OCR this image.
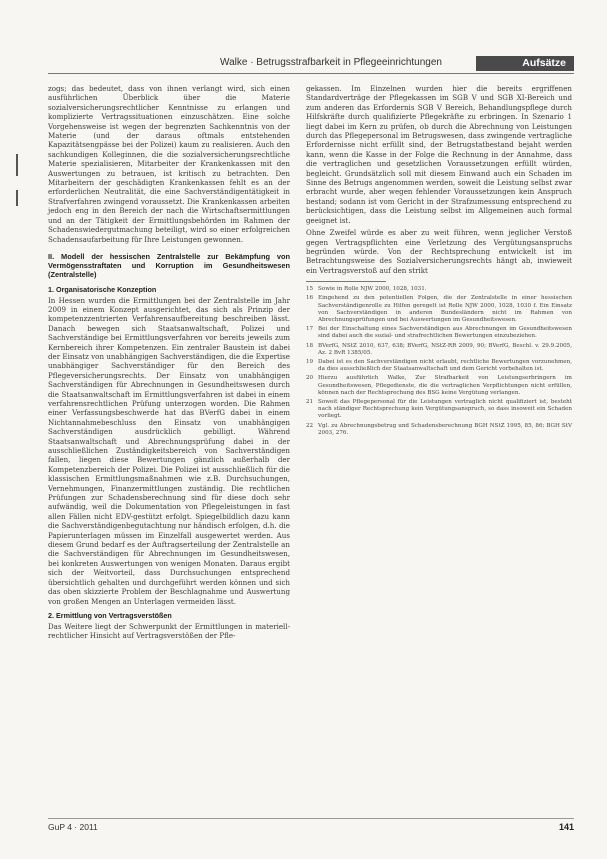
Walke · Betrugsstrafbarkeit in Pflegeeinrichtungen	Aufsätze

zogs; das bedeutet, dass von ihnen verlangt wird, sich einen ausführlichen Überblick über die Materie sozialversicherungsrechtlicher Kenntnisse zu erlangen und komplizierte Vertragssituationen einzuschätzen. Eine solche Vorgehensweise ist wegen der begrenzten Sachkenntnis von der Materie (und der daraus oftmals entstehenden Kapazitätsengpässe bei der Polizei) kaum zu realisieren. Auch den sachkundigen Kolleginnen, die die sozialversicherungsrechtliche Materie spezialisieren, Mitarbeiter der Krankenkassen mit den Auswertungen zu betrauen, ist kritisch zu betrachten. Den Mitarbeitern der geschädigten Krankenkassen fehlt es an der erforderlichen Neutralität, die eine Sachverständigentätigkeit in Strafverfahren zwingend voraussetzt. Die Krankenkassen arbeiten jedoch eng in den Bereich der nach die Wirtschaftsermittlungen und an der Tätigkeit der Ermittlungsbehörden im Rahmen der Schadenswiedergutmachung beteiligt, wird so einer erfolgreichen Schadensaufarbeitung für Ihre Leistungen gewonnen.

II. Modell der hessischen Zentralstelle zur Bekämpfung von Vermögensstraftaten und Korruption im Gesundheitswesen (Zentralstelle)
1. Organisatorische Konzeption

In Hessen wurden die Ermittlungen bei der Zentralstelle im Jahr 2009 in einem Konzept ausgerichtet, das sich als Prinzip der kompetenzzentrierten Verfahrensaufbereitung beschreiben lässt. Danach bewegen sich Staatsanwaltschaft, Polizei und Sachverständige bei Ermittlungsverfahren vor bereits jeweils zum Kernbereich ihrer Kompetenzen. Ein zentraler Baustein ist dabei der Einsatz von unabhängigen Sachverständigen, die die Expertise unabhängiger Sachverständiger für den Bereich des Pflegeversicherungsrechts. Der Einsatz von unabhängigen Sachverständigen für Abrechnungen in Gesundheitswesen durch die Staatsanwaltschaft im Ermittlungsverfahren ist dabei in einem verfahrensrechtlichen Prüfung unterzogen worden. Die Rahmen einer Verfassungsbeschwerde hat das BVerfG dabei in einem Nichtannahmebeschluss den Einsatz von unabhängigen Sachverständigen ausdrücklich gebilligt. Während Staatsanwaltschaft und Abrechnungsprüfung dabei in der ausschließlichen Zuständigkeitsbereich von Sachverständigen fallen, liegen diese Bewertungen gänzlich außerhalb der Kompetenzbereich der Polizei. Die Polizei ist ausschließlich für die klassischen Ermittlungsmaßnahmen wie z.B. Durchsuchungen, Vernehmungen, Finanzermittlungen zuständig. Die rechtlichen Prüfungen zur Schadensberechnung sind für diese doch sehr aufwändig, weil die Dokumentation von Pflegeleistungen in fast allen Fällen nicht EDV-gestützt erfolgt. Spiegelbildlich dazu kann die Sachverständigenbegutachtung nur händisch erfolgen, d.h. die Papierunterlagen müssen im Einzelfall ausgewertet werden. Aus diesem Grund bedarf es der Auftragserteilung der Zentralstelle an die Sachverständigen für Abrechnungen im Gesundheitswesen, bei konkreten Auswertungen von wenigen Monaten. Daraus ergibt sich der Weitvorteil, dass Durchsuchungen entsprechend übersichtlich gehalten und durchgeführt werden können und sich das oben skizzierte Problem der Beschlagnahme und Auswertung von großen Mengen an Unterlagen vermeiden lässt.

2. Ermittlung von Vertragsverstößen

Das Weitere liegt der Schwerpunkt der Ermittlungen in materiell-rechtlicher Hinsicht auf Vertragsverstößen der Pfle-

gekassen. Im Einzelnen wurden hier die bereits ergriffenen Standardverträge der Pflegekassen im SGB V und SGB XI-Bereich und zum anderen das Erfordernis SGB V Bereich, Behandlungspflege durch Hilfskräfte durch qualifizierte Pflegekräfte zu erbringen. In Szenario 1 liegt dabei im Kern zu prüfen, ob durch die Abrechnung von Leistungen durch das Pflegepersonal im Betrugswesen, dass zwingende vertragliche Erfordernisse nicht erfüllt sind, der Betrugstatbestand bejaht werden kann, wenn die Kasse in der Folge die Rechnung in der Annahme, dass die vertraglichen und gesetzlichen Voraussetzungen erfüllt würden, begleicht. Grundsätzlich soll mit diesem Einwand auch ein Schaden im Sinne des Betrugs angenommen werden, soweit die Leistung selbst zwar erbracht wurde, aber wegen fehlender Voraussetzungen kein Anspruch bestand; sodann ist vom Gericht in der Strafzumessung entsprechend zu berücksichtigen, dass die Leistung selbst im Allgemeinen auch formal geeignet ist.

Ohne Zweifel würde es aber zu weit führen, wenn jeglicher Verstoß gegen Vertragspflichten eine Verletzung des Vergütungsanspruchs begründen würde. Von der Rechtsprechung entwickelt ist im Betrachtungsweise des Sozialversicherungsrechts hängt ab, inwieweit ein Vertragsverstoß auf den strikt

15 Sowie in Rolle NJW 2000, 1028, 1031.
16 Eingehend zu den potentiellen Folgen, die der Zentralstelle in einer hessischen Sachverständigenrolle zu Hilfen geregelt ist Rolle NJW 2000, 1028, 1030 f. Ein Einsatz von Sachverständigen in anderen Bundesländern nicht im Rahmen von Abrechnungsprüfungen und bei Auswertungen im Gesundheitswesen.
17 Bei der Einschaltung eines Sachverständigen aus Abrechnungen im Gesundheitswesen sind dabei auch die sozial- und strafrechtlichen Bewertungen einzubeziehen.
18 BVerfG, NStZ 2010, 637, 638; BVerfG, NStZ-RR 2009, 90; BVerfG, Beschl. v. 29.9.2005, Az. 2 BvR 1385/05.
19 Dabei ist es den Sachverständigen nicht erlaubt, rechtliche Bewertungen vorzunehmen, da dies ausschließlich der Staatsanwaltschaft und dem Gericht vorbehalten ist.
20 Hierzu ausführlich Walke, Zur Strafbarkeit von Leistungserbringern im Gesundheitswesen, Pflegedienste, die die vertraglichen Verpflichtungen nicht erfüllen, können nach der Rechtsprechung des BSG keine Vergütung verlangen.
21 Soweit das Pflegepersonal für die Leistungen vertraglich nicht qualifiziert ist, besteht nach ständiger Rechtsprechung kein Vergütungsanspruch, so dass insoweit ein Schaden vorliegt.
22 Vgl. zu Abrechnungsbetrug und Schadensberechnung BGH NStZ 1995, 85, 86; BGH StV 2003, 276.
GuP 4 · 2011	141
